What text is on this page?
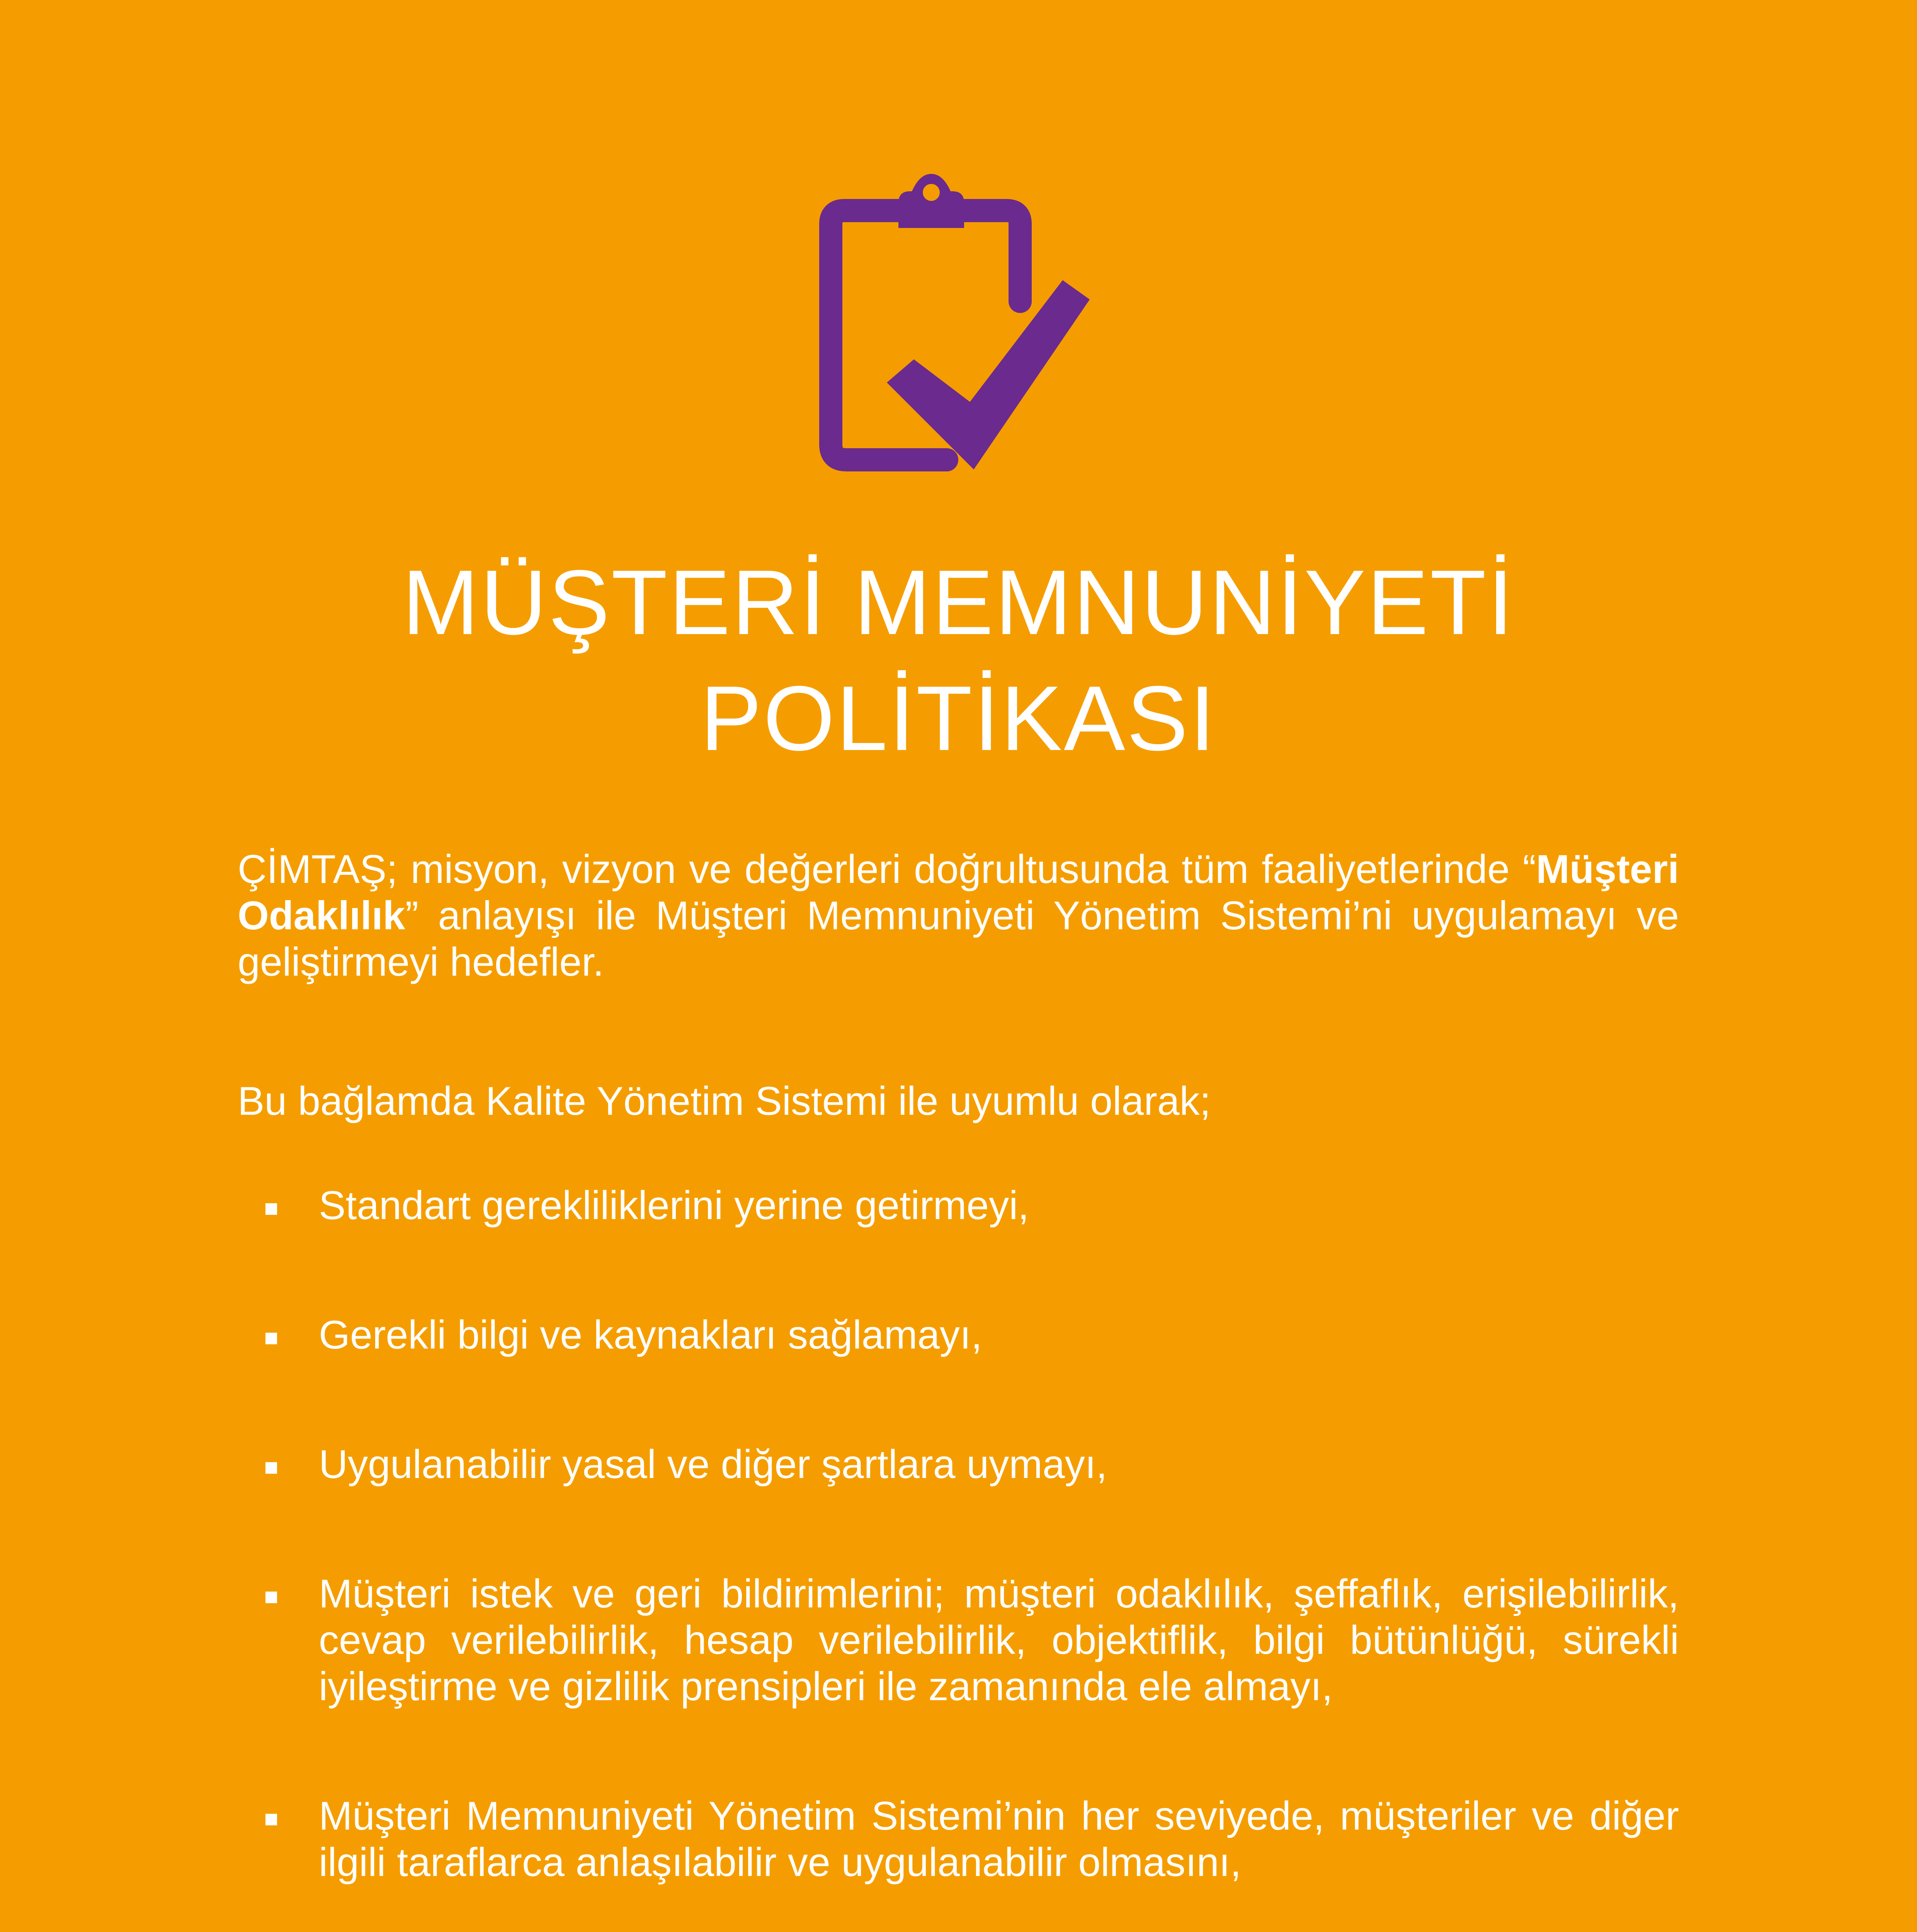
MÜŞTERİ MEMNUNİYETİ
POLİTİKASI

ÇİMTAŞ; misyon, vizyon ve değerleri doğrultusunda tüm faaliyetlerinde “Müşteri Odaklılık” anlayışı ile Müşteri Memnuniyeti Yönetim Sistemi’ni uygulamayı ve geliştirmeyi hedefler.

Bu bağlamda Kalite Yönetim Sistemi ile uyumlu olarak;

Standart gerekliliklerini yerine getirmeyi,
Gerekli bilgi ve kaynakları sağlamayı,
Uygulanabilir yasal ve diğer şartlara uymayı,
Müşteri istek ve geri bildirimlerini; müşteri odaklılık, şeffaflık, erişilebilirlik, cevap verilebilirlik, hesap verilebilirlik, objektiflik, bilgi bütünlüğü, sürekli iyileştirme ve gizlilik prensipleri ile zamanında ele almayı,
Müşteri Memnuniyeti Yönetim Sistemi’nin her seviyede, müşteriler ve diğer ilgili taraflarca anlaşılabilir ve uygulanabilir olmasını,
